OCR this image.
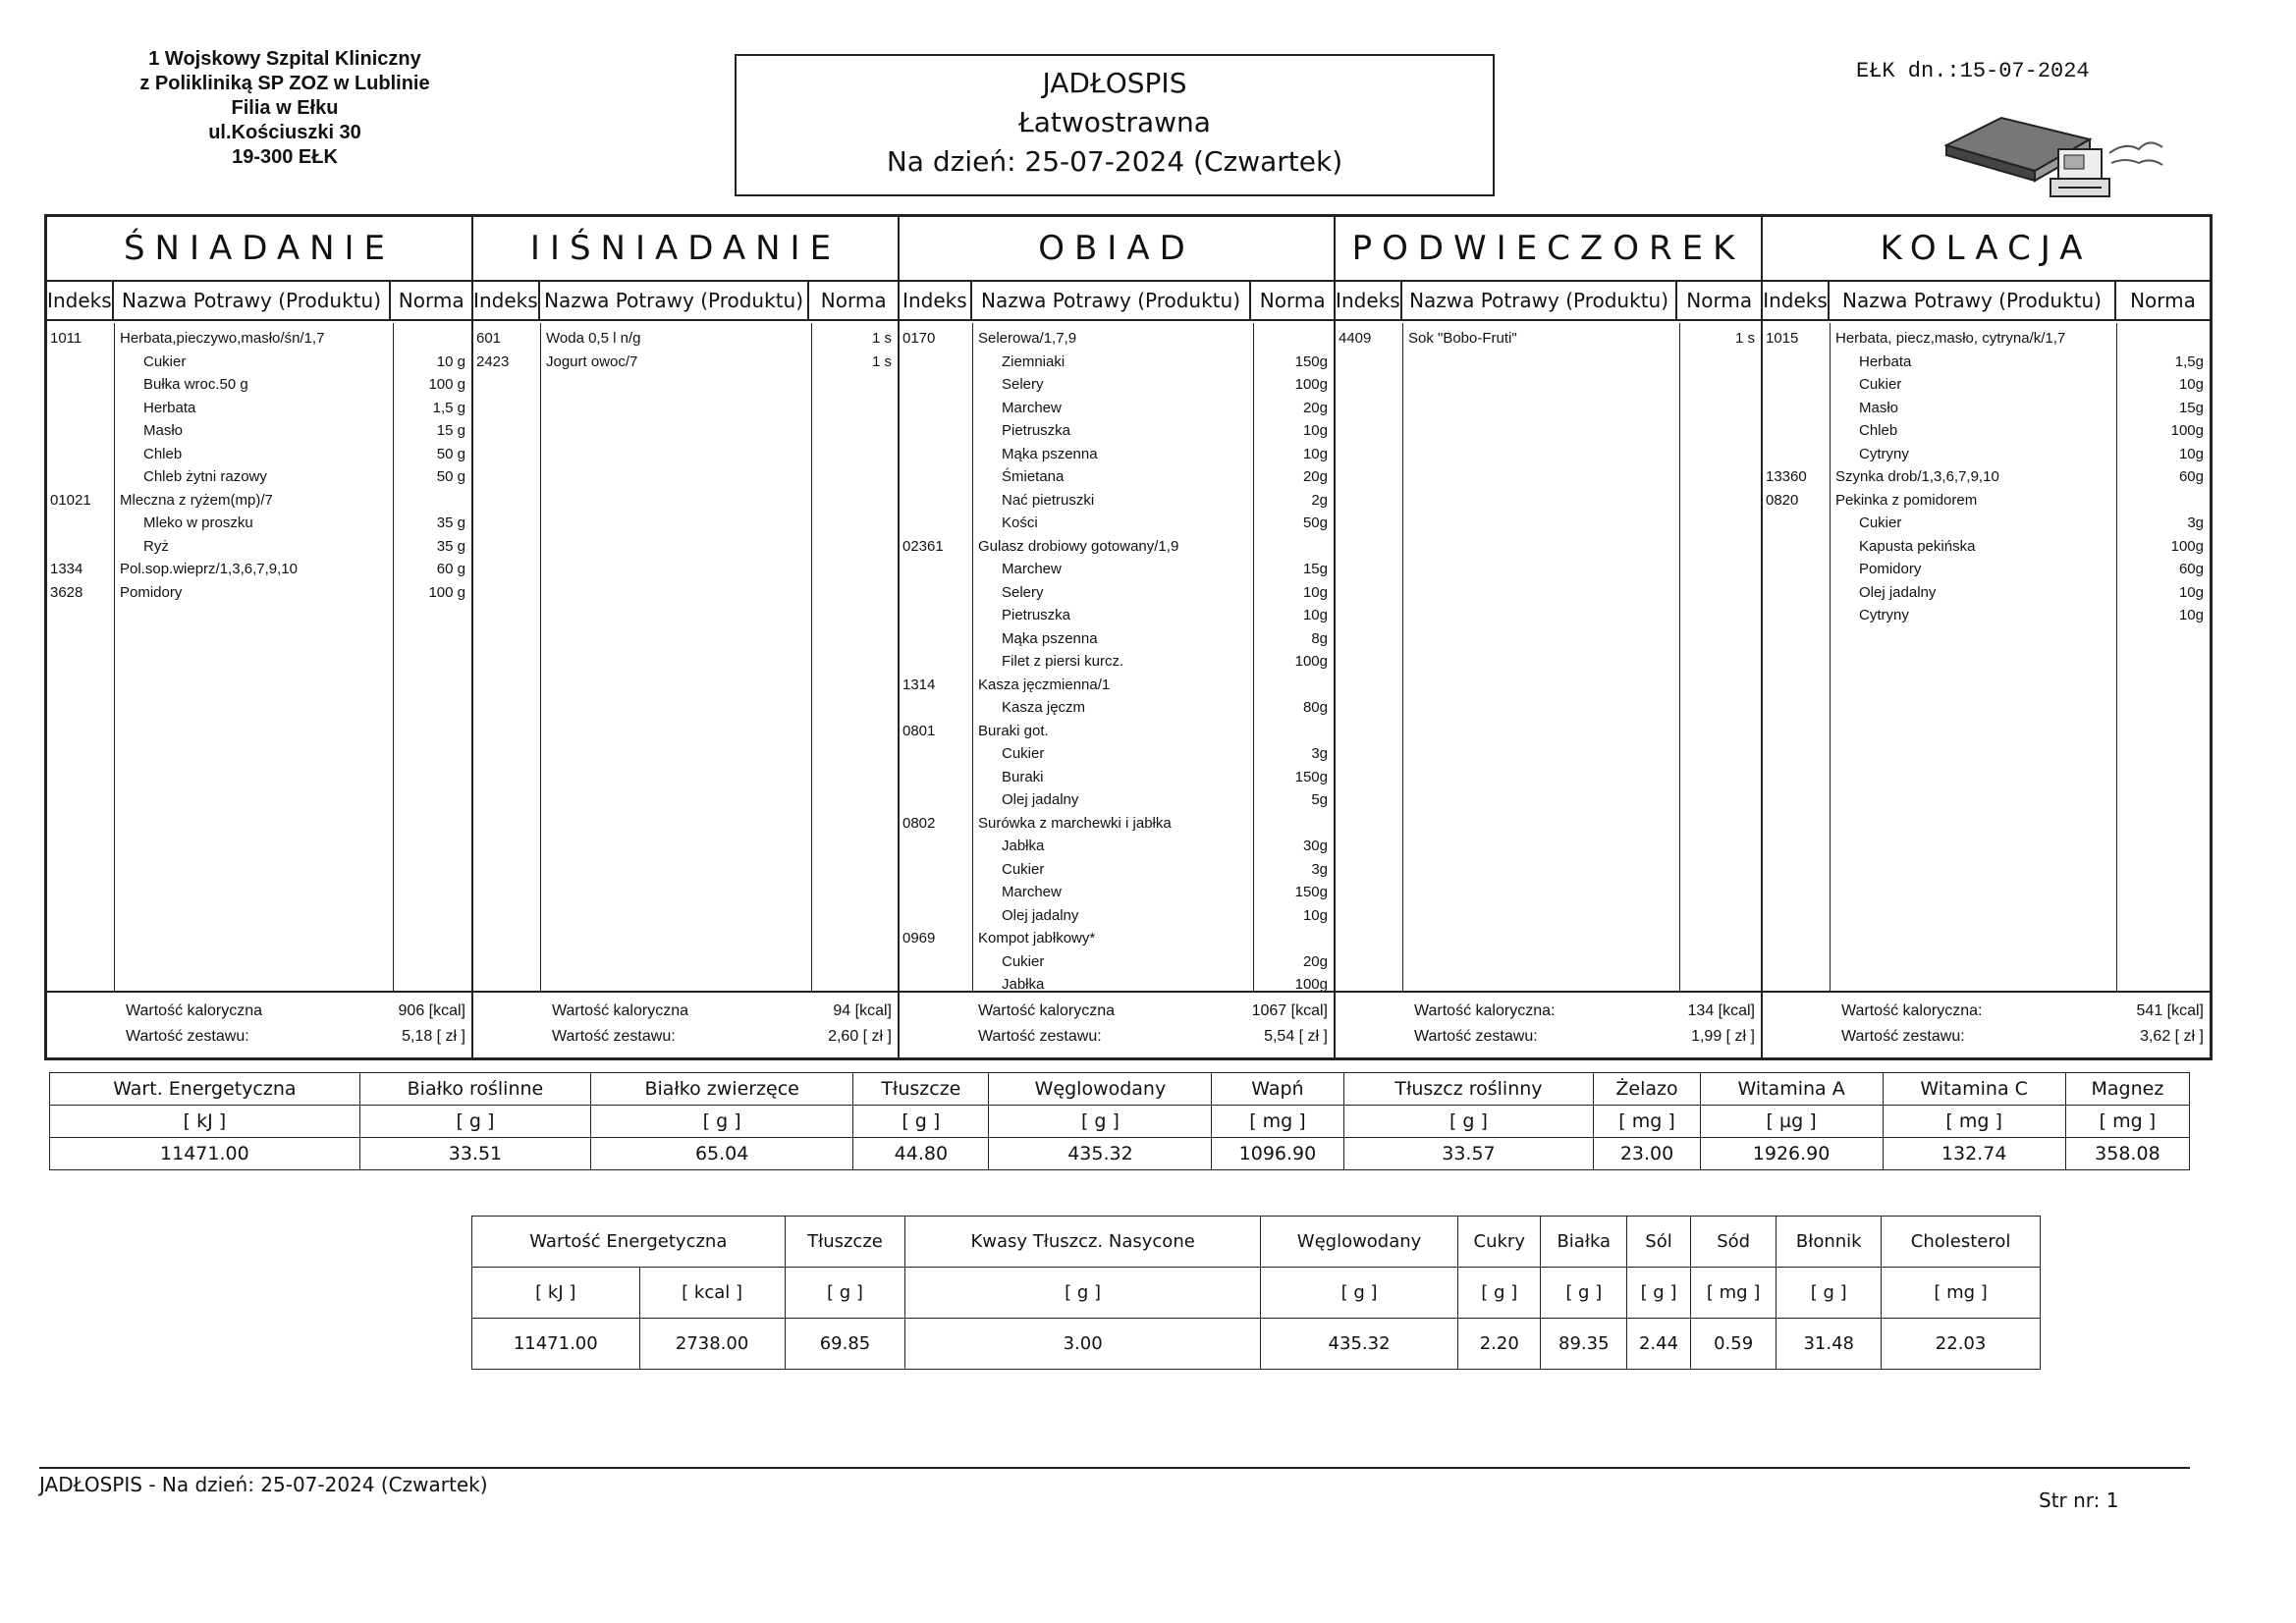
1 Wojskowy Szpital Kliniczny
z Polikliniką SP ZOZ w Lublinie
Filia w Ełku
ul.Kościuszki 30
19-300 EŁK
JADŁOSPIS
Łatwostrawna
Na dzień: 25-07-2024 (Czwartek)
EŁK dn.:15-07-2024
ŚNIADANIE
Indeks Nazwa Potrawy (Produktu) Norma
1011	Herbata,pieczywo,masło/śn/1,7
Cukier	10 g
Bułka wroc.50 g	100 g
Herbata	1,5 g
Masło	15 g
Chleb	50 g
Chleb żytni razowy	50 g
01021 Mleczna z ryżem(mp)/7
Mleko w proszku	35 g
Ryż	35 g
1334	Pol.sop.wieprz/1,3,6,7,9,10	60 g
3628	Pomidory	100 g
Wartość kaloryczna	906 [kcal]
Wartość zestawu:	5,18 [ zł ]
IIŚNIADANIE
Indeks Nazwa Potrawy (Produktu) Norma
601	Woda 0,5 l n/g	1 s
2423	Jogurt owoc/7	1 s
Wartość kaloryczna	94 [kcal]
Wartość zestawu:	2,60 [ zł ]
OBIAD
Indeks Nazwa Potrawy (Produktu) Norma
0170	Selerowa/1,7,9
Ziemniaki	150g
Selery	100g
Marchew	20g
Pietruszka	10g
Mąka pszenna	10g
Śmietana	20g
Nać pietruszki	2g
Kości	50g
02361 Gulasz drobiowy gotowany/1,9
Marchew	15g
Selery	10g
Pietruszka	10g
Mąka pszenna	8g
Filet z piersi kurcz.	100g
1314	Kasza jęczmienna/1
Kasza jęczm	80g
0801	Buraki got.
Cukier	3g
Buraki	150g
Olej jadalny	5g
0802	Surówka z marchewki i jabłka
Jabłka	30g
Cukier	3g
Marchew	150g
Olej jadalny	10g
0969	Kompot jabłkowy*
Cukier	20g
Jabłka	100g
Wartość kaloryczna	1067 [kcal]
Wartość zestawu:	5,54 [ zł ]
PODWIECZOREK
Indeks Nazwa Potrawy (Produktu) Norma
4409	Sok "Bobo-Fruti"	1 s
Wartość kaloryczna:	134 [kcal]
Wartość zestawu:	1,99 [ zł ]
KOLACJA
Indeks Nazwa Potrawy (Produktu)	Norma
1015	Herbata, piecz,masło, cytryna/k/1,7
Herbata	1,5g
Cukier	10g
Masło	15g
Chleb	100g
Cytryny	10g
13360 Szynka drob/1,3,6,7,9,10	60g
0820	Pekinka z pomidorem
Cukier	3g
Kapusta pekińska	100g
Pomidory	60g
Olej jadalny	10g
Cytryny	10g
Wartość kaloryczna:	541 [kcal]
Wartość zestawu:	3,62 [ zł ]
Wart. Energetyczna	Białko roślinne	Białko zwierzęce	Tłuszcze	Węglowodany	Wapń	Tłuszcz roślinny	Żelazo	Witamina A	Witamina C	Magnez
[ kJ ]	[ g ]	[ g ]	[ g ]	[ g ]	[ mg ]	[ g ]	[ mg ]	[ µg ]	[ mg ]	[ mg ]
11471.00	33.51	65.04	44.80	435.32	1096.90	33.57	23.00	1926.90	132.74	358.08
Wartość Energetyczna		Tłuszcze	Kwasy Tłuszcz. Nasycone	Węglowodany	Cukry	Białka	Sól	Sód	Błonnik	Cholesterol
[ kJ ]	[ kcal ]	[ g ]	[ g ]	[ g ]	[ g ]	[ g ]	[ g ]	[ mg ]	[ g ]	[ mg ]
11471.00	2738.00	69.85	3.00	435.32	2.20	89.35	2.44	0.59	31.48	22.03
JADŁOSPIS - Na dzień: 25-07-2024 (Czwartek)
Str nr: 1
